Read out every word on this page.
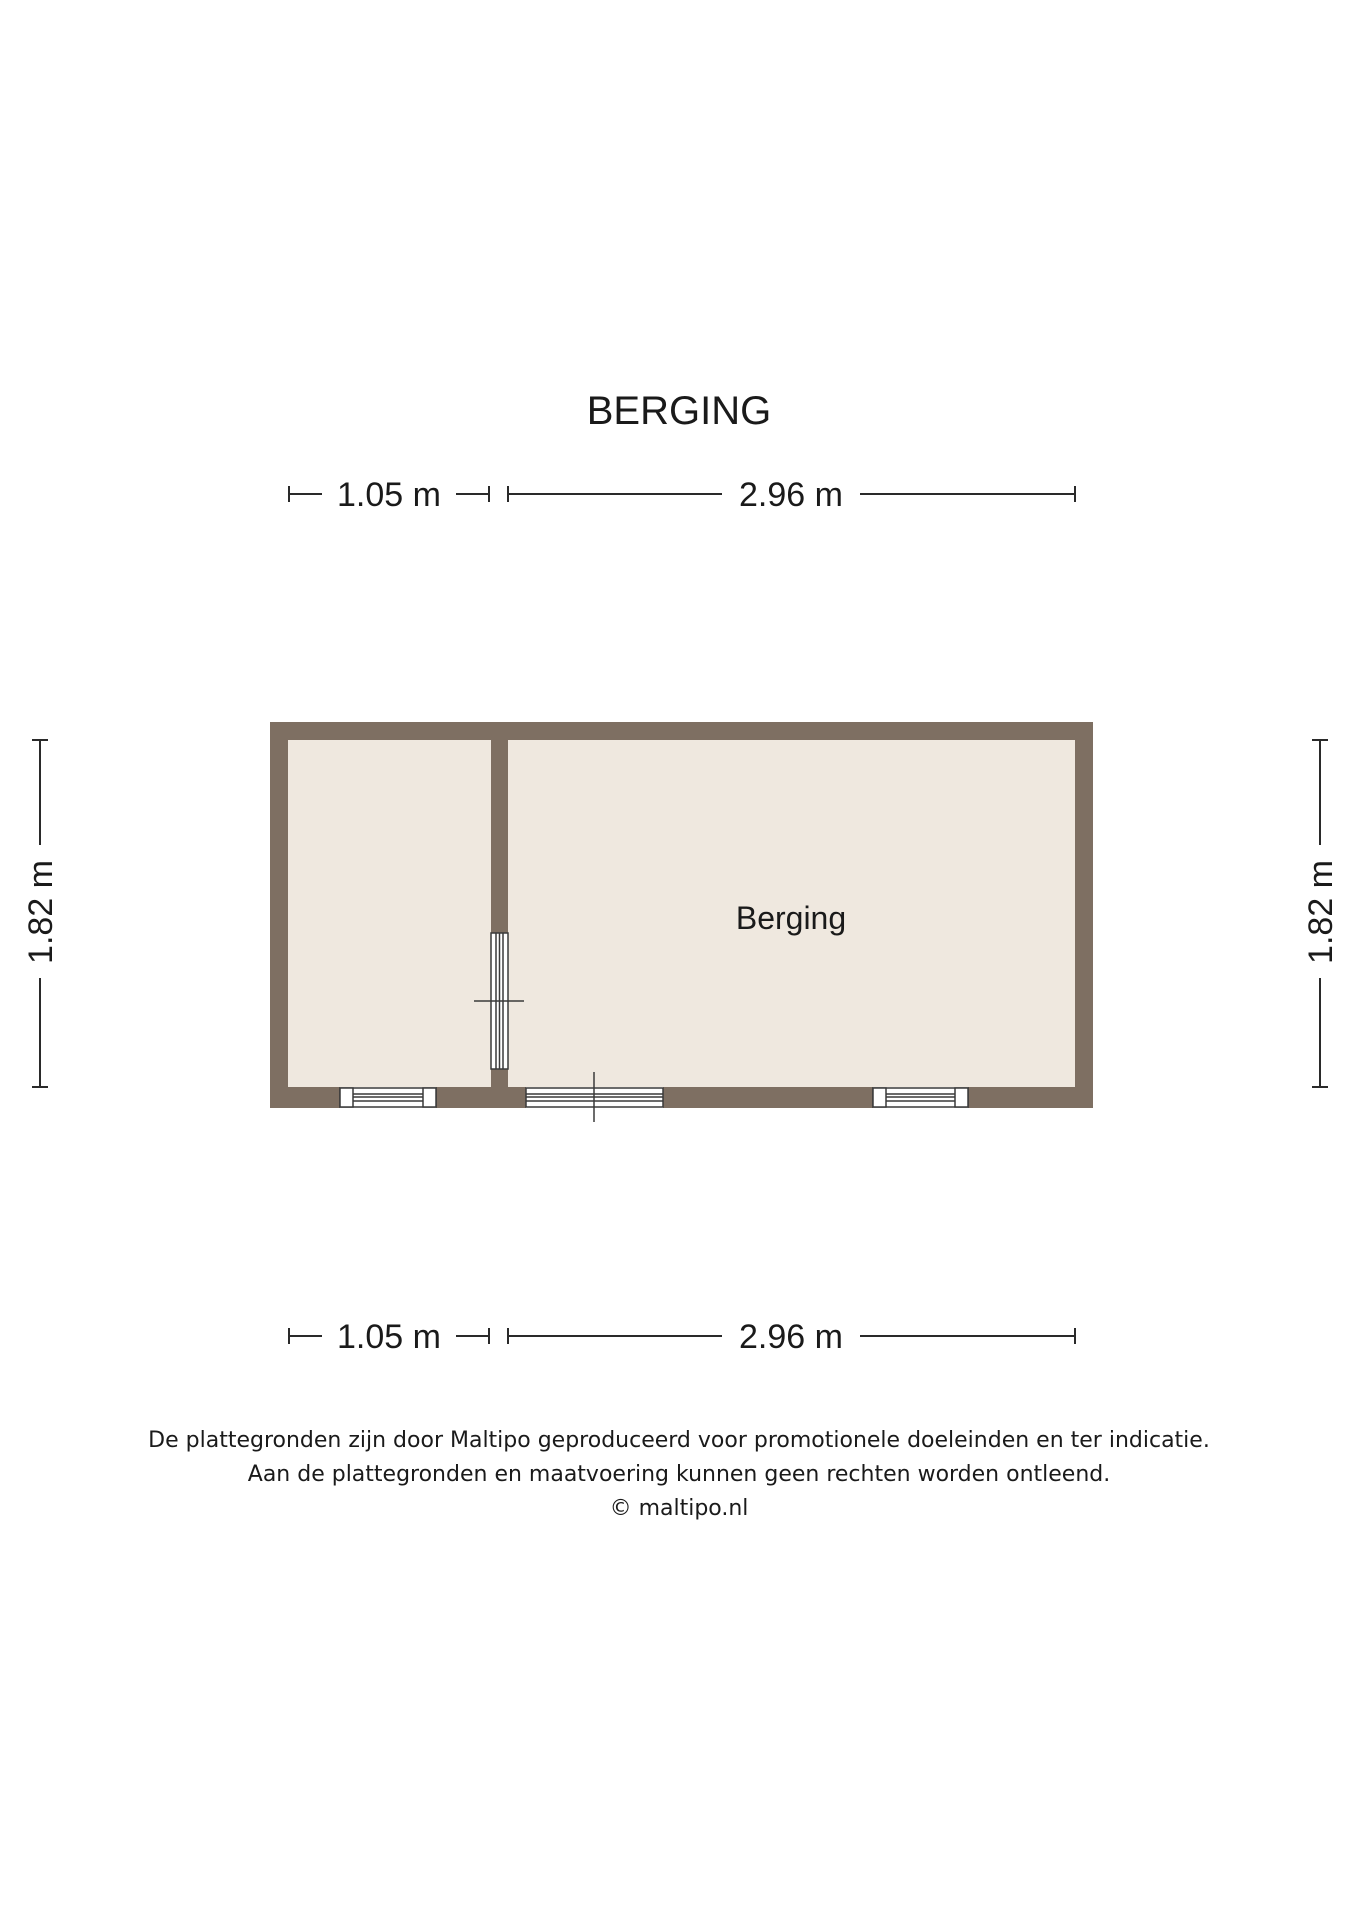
BERGING
1.05 m	2.96 m
Berging
1.82 m	1.82 m
1.05 m	2.96 m
De plattegronden zijn door Maltipo geproduceerd voor promotionele doeleinden en ter indicatie.
Aan de plattegronden en maatvoering kunnen geen rechten worden ontleend.
© maltipo.nl
